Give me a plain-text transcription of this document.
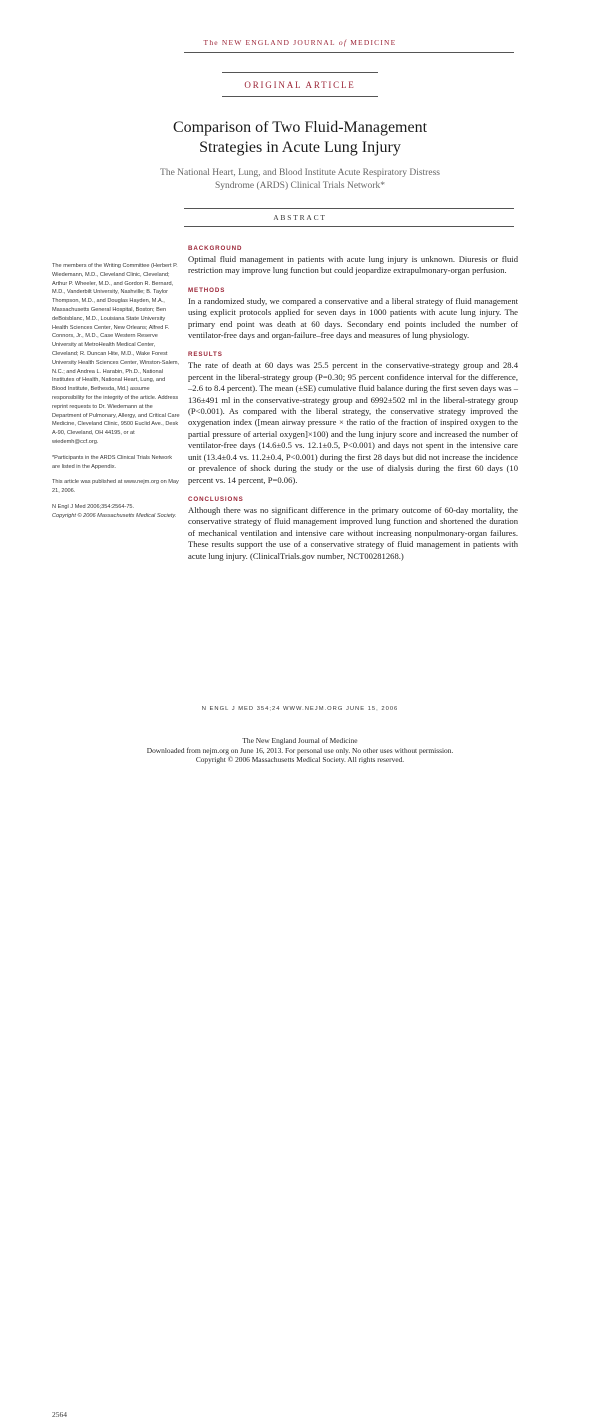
The NEW ENGLAND JOURNAL of MEDICINE
ORIGINAL ARTICLE
Comparison of Two Fluid-Management
Strategies in Acute Lung Injury
The National Heart, Lung, and Blood Institute Acute Respiratory Distress
Syndrome (ARDS) Clinical Trials Network*
ABSTRACT

The members of the Writing Committee (Herbert P. Wiedemann, M.D., Cleveland Clinic, Cleveland; Arthur P. Wheeler, M.D., and Gordon R. Bernard, M.D., Vanderbilt University, Nashville; B. Taylor Thompson, M.D., and Douglas Hayden, M.A., Massachusetts General Hospital, Boston; Ben deBoisblanc, M.D., Louisiana State University Health Sciences Center, New Orleans; Alfred F. Connors, Jr., M.D., Case Western Reserve University at MetroHealth Medical Center, Cleveland; R. Duncan Hite, M.D., Wake Forest University Health Sciences Center, Winston-Salem, N.C.; and Andrea L. Harabin, Ph.D., National Institutes of Health, National Heart, Lung, and Blood Institute, Bethesda, Md.) assume responsibility for the integrity of the article. Address reprint requests to Dr. Wiedemann at the Department of Pulmonary, Allergy, and Critical Care Medicine, Cleveland Clinic, 9500 Euclid Ave., Desk A-90, Cleveland, OH 44195, or at wiedemh@ccf.org.

*Participants in the ARDS Clinical Trials Network are listed in the Appendix.

This article was published at www.nejm.org on May 21, 2006.

N Engl J Med 2006;354:2564-75.

Copyright © 2006 Massachusetts Medical Society.

BACKGROUND

Optimal fluid management in patients with acute lung injury is unknown. Diuresis or fluid restriction may improve lung function but could jeopardize extrapulmonary-organ perfusion.

METHODS

In a randomized study, we compared a conservative and a liberal strategy of fluid management using explicit protocols applied for seven days in 1000 patients with acute lung injury. The primary end point was death at 60 days. Secondary end points included the number of ventilator-free days and organ-failure–free days and measures of lung physiology.

RESULTS

The rate of death at 60 days was 25.5 percent in the conservative-strategy group and 28.4 percent in the liberal-strategy group (P=0.30; 95 percent confidence interval for the difference, –2.6 to 8.4 percent). The mean (±SE) cumulative fluid balance during the first seven days was –136±491 ml in the conservative-strategy group and 6992±502 ml in the liberal-strategy group (P<0.001). As compared with the liberal strategy, the conservative strategy improved the oxygenation index ([mean airway pressure × the ratio of the fraction of inspired oxygen to the partial pressure of arterial oxygen]×100) and the lung injury score and increased the number of ventilator-free days (14.6±0.5 vs. 12.1±0.5, P<0.001) and days not spent in the intensive care unit (13.4±0.4 vs. 11.2±0.4, P<0.001) during the first 28 days but did not increase the incidence or prevalence of shock during the study or the use of dialysis during the first 60 days (10 percent vs. 14 percent, P=0.06).

CONCLUSIONS

Although there was no significant difference in the primary outcome of 60-day mortality, the conservative strategy of fluid management improved lung function and shortened the duration of mechanical ventilation and intensive care without increasing nonpulmonary-organ failures. These results support the use of a conservative strategy of fluid management in patients with acute lung injury. (ClinicalTrials.gov number, NCT00281268.)

2564
N ENGL J MED 354;24 WWW.NEJM.ORG JUNE 15, 2006
The New England Journal of Medicine
Downloaded from nejm.org on June 16, 2013. For personal use only. No other uses without permission.
Copyright © 2006 Massachusetts Medical Society. All rights reserved.
